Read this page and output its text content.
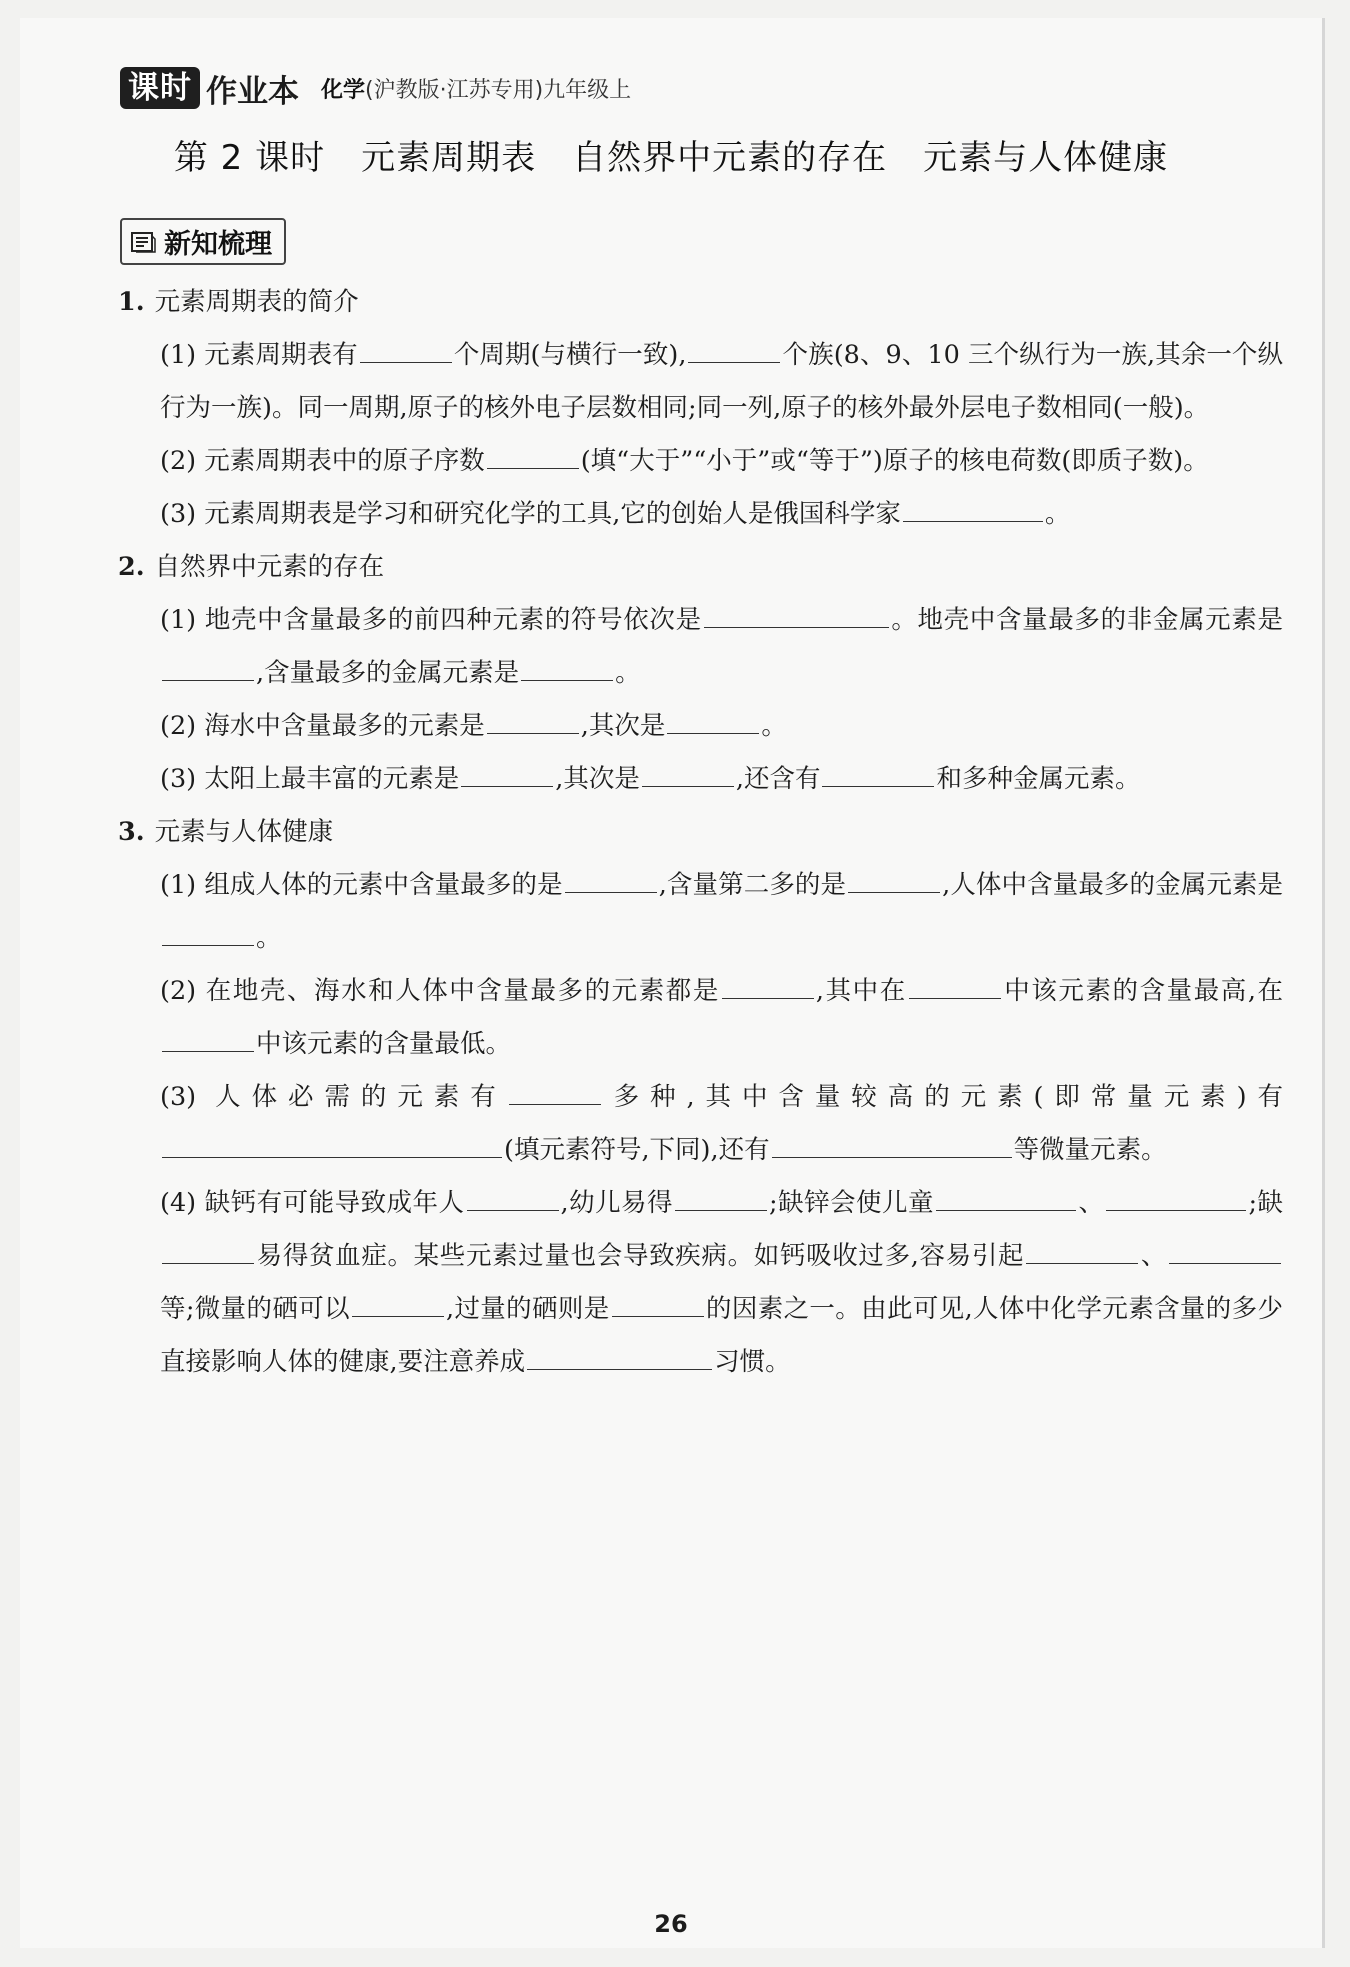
课时 作业本 化学(沪教版·江苏专用)九年级上
第 2 课时 元素周期表 自然界中元素的存在 元素与人体健康
新知梳理

1. 元素周期表的简介

(1) 元素周期表有	个周期(与横行一致),	个族(8、9、10 三个纵行为一族,其余一个纵行为一族)。同一周期,原子的核外电子层数相同;同一列,原子的核外最外层电子数相同(一般)。

(2) 元素周期表中的原子序数	(填“大于”“小于”或“等于”)原子的核电荷数(即质子数)。

(3) 元素周期表是学习和研究化学的工具,它的创始人是俄国科学家	。

2. 自然界中元素的存在

(1) 地壳中含量最多的前四种元素的符号依次是	。地壳中含量最多的非金属元素是,含量最多的金属元素是	。

(2) 海水中含量最多的元素是	,其次是	。

(3) 太阳上最丰富的元素是	,其次是	,还含有	和多种金属元素。

3. 元素与人体健康

(1) 组成人体的元素中含量最多的是	,含量第二多的是	,人体中含量最多的金属元素是。

(2) 在地壳、海水和人体中含量最多的元素都是	,其中在	中该元素的含量最高,在中该元素的含量最低。

(3) 人体必需的元素有	多种,其中含量较高的元素(即常量元素)有(填元素符号,下同),还有	等微量元素。

(4) 缺钙有可能导致成年人	,幼儿易得	;缺锌会使儿童	、	;缺易得贫血症。某些元素过量也会导致疾病。如钙吸收过多,容易引起	、等;微量的硒可以	,过量的硒则是	的因素之一。由此可见,人体中化学元素含量的多少直接影响人体的健康,要注意养成	习惯。

26
